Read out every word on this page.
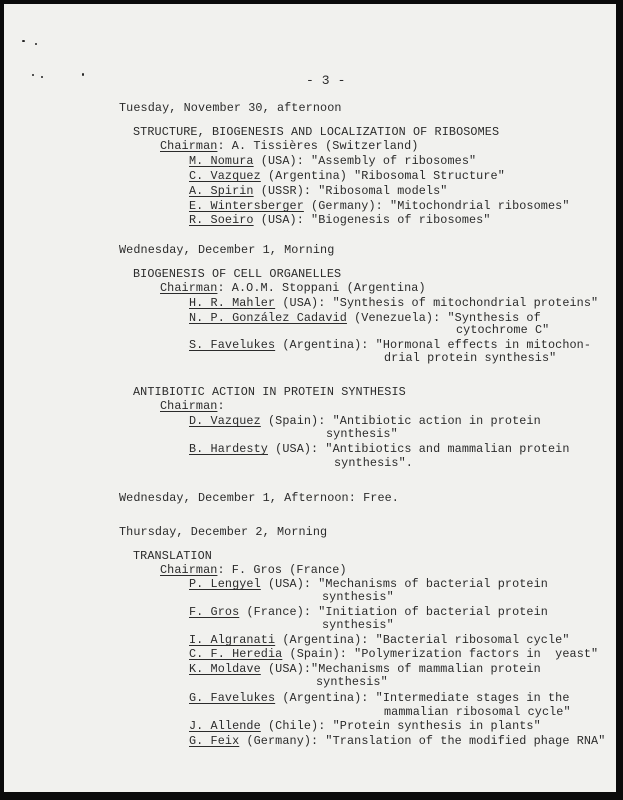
- 3 -
Tuesday, November 30, afternoon
STRUCTURE, BIOGENESIS AND LOCALIZATION OF RIBOSOMES
Chairman: A. Tissières (Switzerland)
M. Nomura (USA): "Assembly of ribosomes"
C. Vazquez (Argentina) "Ribosomal Structure"
A. Spirin (USSR): "Ribosomal models"
E. Wintersberger (Germany): "Mitochondrial ribosomes"
R. Soeiro (USA): "Biogenesis of ribosomes"
Wednesday, December 1, Morning
BIOGENESIS OF CELL ORGANELLES
Chairman: A.O.M. Stoppani (Argentina)
H. R. Mahler (USA): "Synthesis of mitochondrial proteins"
N. P. González Cadavid (Venezuela): "Synthesis of
cytochrome C"
S. Favelukes (Argentina): "Hormonal effects in mitochon-
drial protein synthesis"
ANTIBIOTIC ACTION IN PROTEIN SYNTHESIS
Chairman:
D. Vazquez (Spain): "Antibiotic action in protein
synthesis"
B. Hardesty (USA): "Antibiotics and mammalian protein
synthesis".
Wednesday, December 1, Afternoon: Free.
Thursday, December 2, Morning
TRANSLATION
Chairman: F. Gros (France)
P. Lengyel (USA): "Mechanisms of bacterial protein
synthesis"
F. Gros (France): "Initiation of bacterial protein
synthesis"
I. Algranati (Argentina): "Bacterial ribosomal cycle"
C. F. Heredia (Spain): "Polymerization factors in  yeast"
K. Moldave (USA):"Mechanisms of mammalian protein
synthesis"
G. Favelukes (Argentina): "Intermediate stages in the
mammalian ribosomal cycle"
J. Allende (Chile): "Protein synthesis in plants"
G. Feix (Germany): "Translation of the modified phage RNA"
